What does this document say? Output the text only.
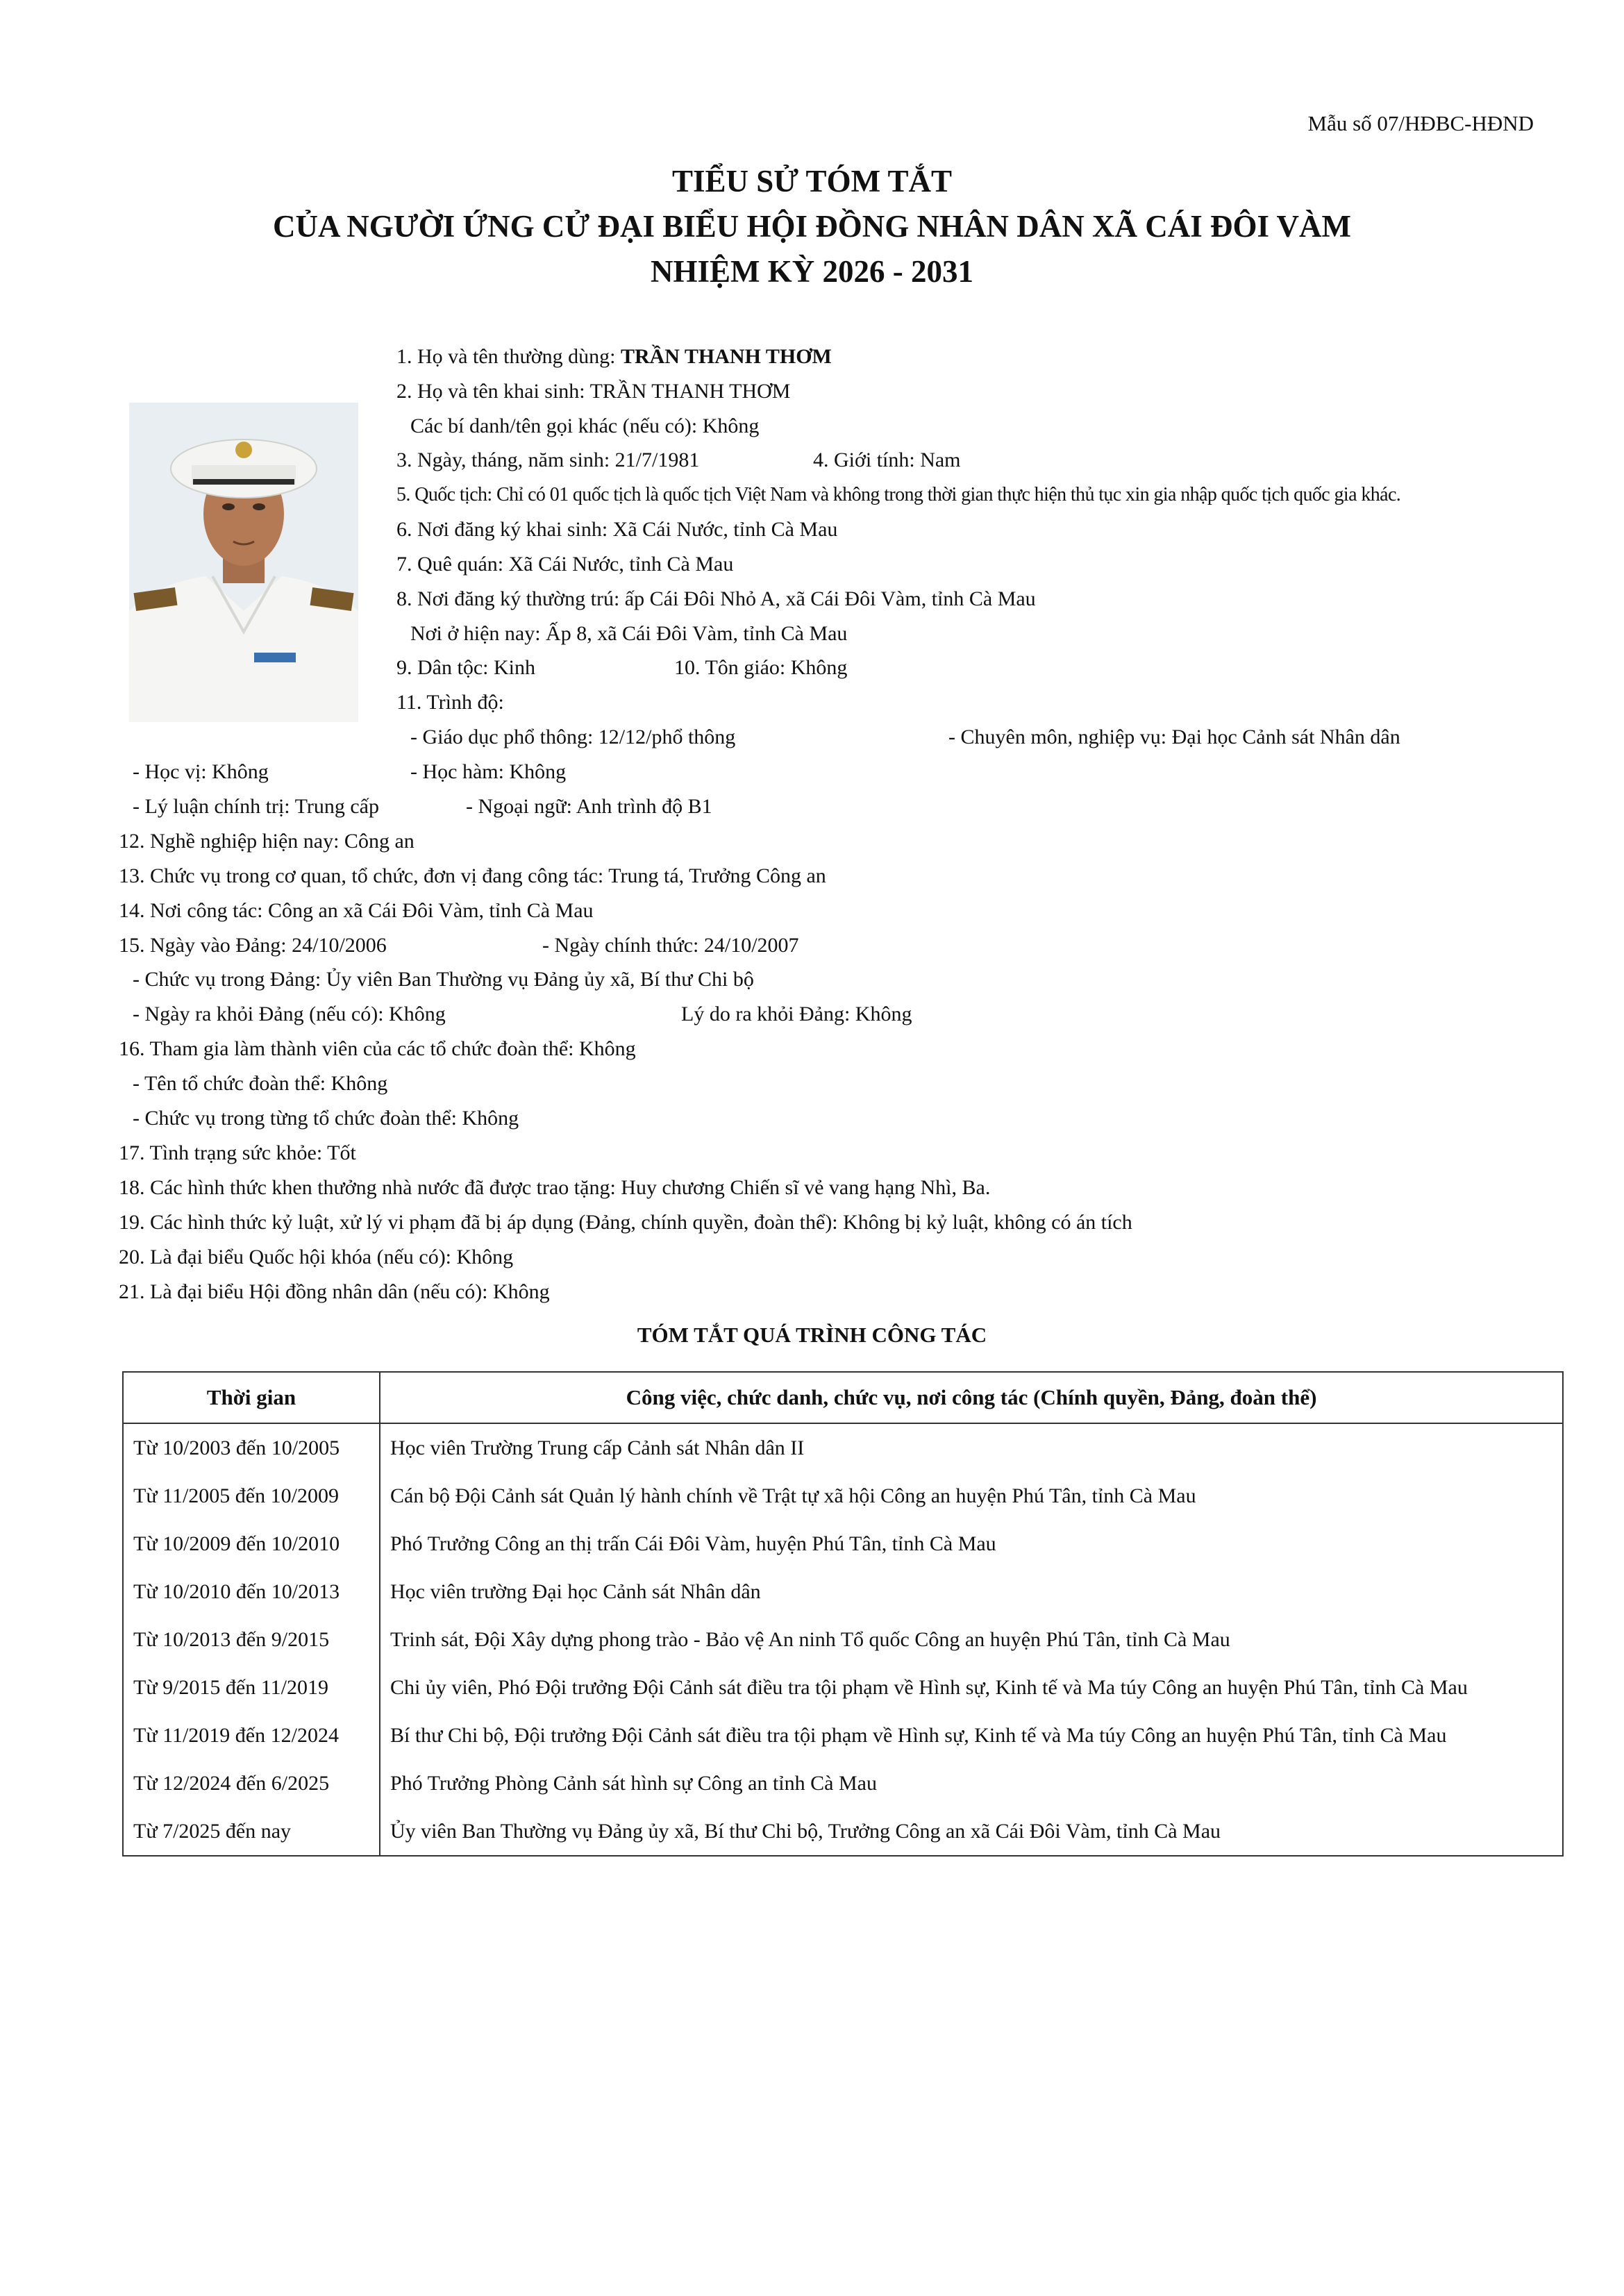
Mẫu số 07/HĐBC-HĐND
TIỂU SỬ TÓM TẮT
CỦA NGƯỜI ỨNG CỬ ĐẠI BIỂU HỘI ĐỒNG NHÂN DÂN XÃ CÁI ĐÔI VÀM
NHIỆM KỲ 2026 - 2031
1. Họ và tên thường dùng: TRẦN THANH THƠM
2. Họ và tên khai sinh: TRẦN THANH THƠM
Các bí danh/tên gọi khác (nếu có): Không
3. Ngày, tháng, năm sinh: 21/7/1981	4. Giới tính: Nam
5. Quốc tịch: Chỉ có 01 quốc tịch là quốc tịch Việt Nam và không trong thời gian thực hiện thủ tục xin gia nhập quốc tịch quốc gia khác.
6. Nơi đăng ký khai sinh: Xã Cái Nước, tỉnh Cà Mau
7. Quê quán: Xã Cái Nước, tỉnh Cà Mau
8. Nơi đăng ký thường trú: ấp Cái Đôi Nhỏ A, xã Cái Đôi Vàm, tỉnh Cà Mau
Nơi ở hiện nay: Ấp 8, xã Cái Đôi Vàm, tỉnh Cà Mau
9. Dân tộc: Kinh	10. Tôn giáo: Không
11. Trình độ:
- Giáo dục phổ thông: 12/12/phổ thông	- Chuyên môn, nghiệp vụ: Đại học Cảnh sát Nhân dân
- Học vị: Không	- Học hàm: Không
- Lý luận chính trị: Trung cấp	- Ngoại ngữ: Anh trình độ B1
12. Nghề nghiệp hiện nay: Công an
13. Chức vụ trong cơ quan, tổ chức, đơn vị đang công tác: Trung tá, Trưởng Công an
14. Nơi công tác: Công an xã Cái Đôi Vàm, tỉnh Cà Mau
15. Ngày vào Đảng: 24/10/2006	- Ngày chính thức: 24/10/2007
- Chức vụ trong Đảng: Ủy viên Ban Thường vụ Đảng ủy xã, Bí thư Chi bộ
- Ngày ra khỏi Đảng (nếu có): Không	Lý do ra khỏi Đảng: Không
16. Tham gia làm thành viên của các tổ chức đoàn thể: Không
- Tên tổ chức đoàn thể: Không
- Chức vụ trong từng tổ chức đoàn thể: Không
17. Tình trạng sức khỏe: Tốt
18. Các hình thức khen thưởng nhà nước đã được trao tặng: Huy chương Chiến sĩ vẻ vang hạng Nhì, Ba.
19. Các hình thức kỷ luật, xử lý vi phạm đã bị áp dụng (Đảng, chính quyền, đoàn thể): Không bị kỷ luật, không có án tích
20. Là đại biểu Quốc hội khóa (nếu có): Không
21. Là đại biểu Hội đồng nhân dân (nếu có): Không
TÓM TẮT QUÁ TRÌNH CÔNG TÁC
Thời gian	Công việc, chức danh, chức vụ, nơi công tác (Chính quyền, Đảng, đoàn thể)
Từ 10/2003 đến 10/2005	Học viên Trường Trung cấp Cảnh sát Nhân dân II
Từ 11/2005 đến 10/2009	Cán bộ Đội Cảnh sát Quản lý hành chính về Trật tự xã hội Công an huyện Phú Tân, tỉnh Cà Mau
Từ 10/2009 đến 10/2010	Phó Trưởng Công an thị trấn Cái Đôi Vàm, huyện Phú Tân, tỉnh Cà Mau
Từ 10/2010 đến 10/2013	Học viên trường Đại học Cảnh sát Nhân dân
Từ 10/2013 đến 9/2015	Trinh sát, Đội Xây dựng phong trào - Bảo vệ An ninh Tổ quốc Công an huyện Phú Tân, tỉnh Cà Mau
Từ 9/2015 đến 11/2019	Chi ủy viên, Phó Đội trưởng Đội Cảnh sát điều tra tội phạm về Hình sự, Kinh tế và Ma túy Công an huyện Phú Tân, tỉnh Cà Mau
Từ 11/2019 đến 12/2024	Bí thư Chi bộ, Đội trưởng Đội Cảnh sát điều tra tội phạm về Hình sự, Kinh tế và Ma túy Công an huyện Phú Tân, tỉnh Cà Mau
Từ 12/2024 đến 6/2025	Phó Trưởng Phòng Cảnh sát hình sự Công an tỉnh Cà Mau
Từ 7/2025 đến nay	Ủy viên Ban Thường vụ Đảng ủy xã, Bí thư Chi bộ, Trưởng Công an xã Cái Đôi Vàm, tỉnh Cà Mau
